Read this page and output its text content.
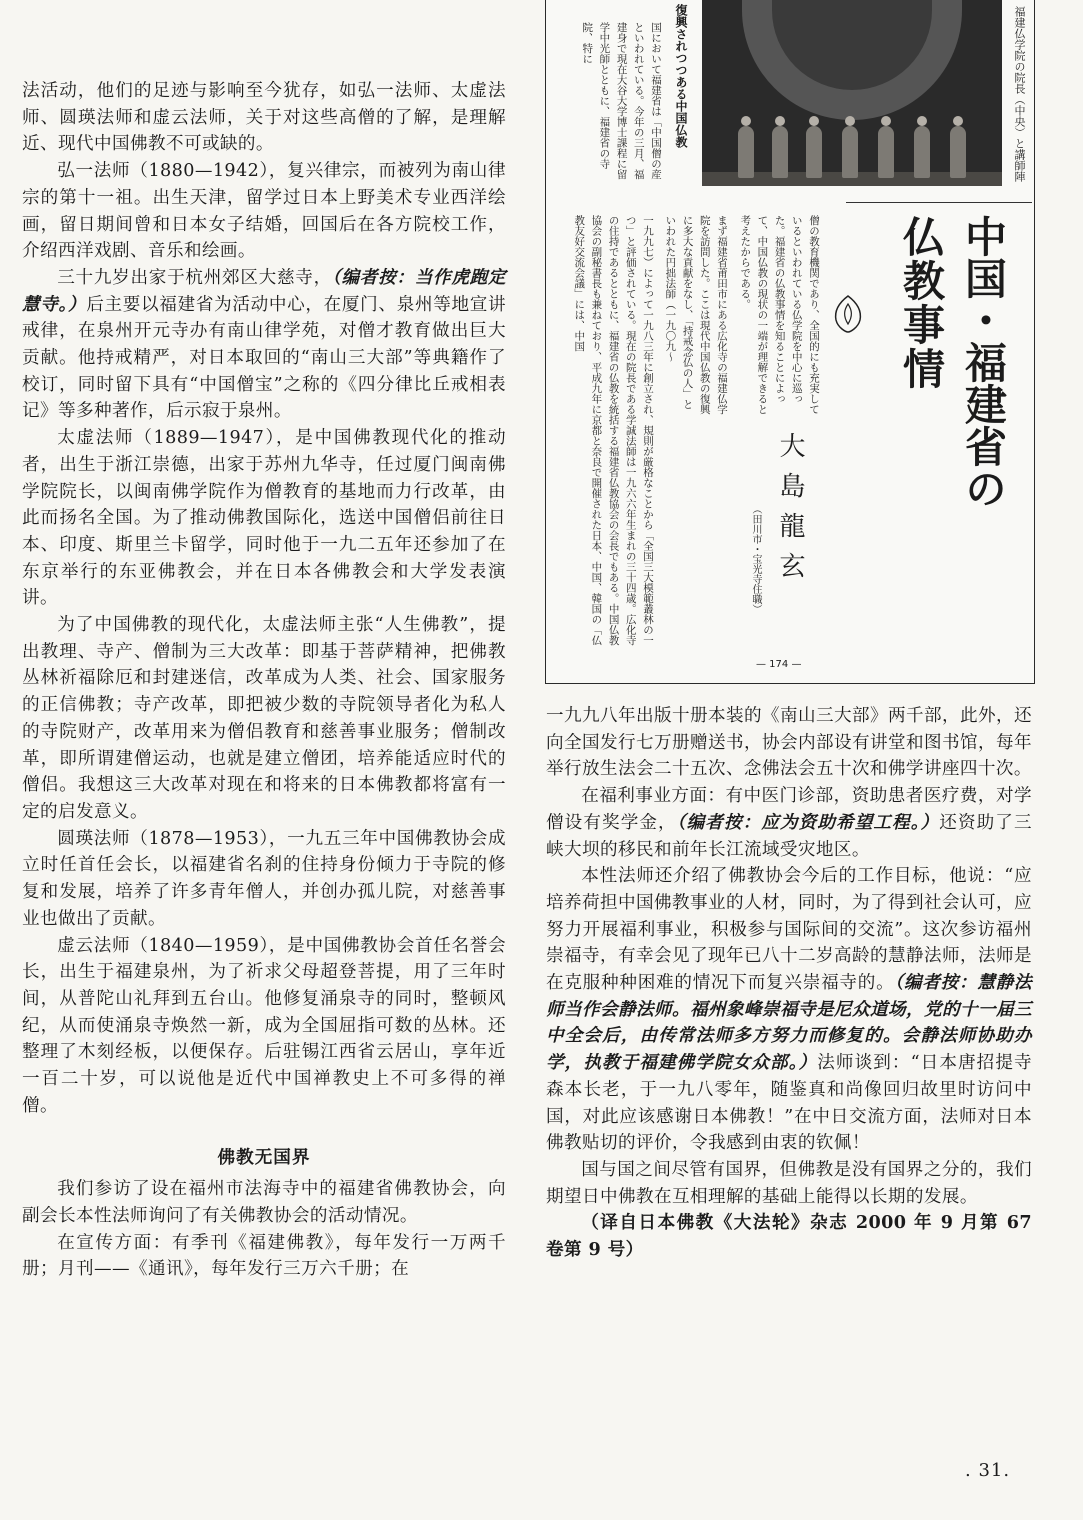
福建仏学院の院長（中央）と講師陣
復興されつつある中国仏教
国において福建省は「中国僧の産といわれている。今年の三月、福建身で現在大谷大学博士課程に留学中光師とともに、福建省の寺院、特に
一九九七）によって一九八三年に創立され、規則が厳格なことから「全国三大模範叢林の一つ」と評価されている。現在の院長である学誠法師は一九六六年生まれの三十四歳。広化寺の住持であるとともに、福建省の仏教を統括する福建省仏教協会の会長でもある。中国仏教協会の副秘書長も兼ねており、平成九年に京都と奈良で開催された日本、中国、韓国の「仏教友好交流会議」には、中国	まず福建省莆田市にある広化寺の福建仏学院を訪問した。ここは現代中国仏教の復興に多大な貢献をなし、「持戒念仏の人」といわれた円拙法師（一九〇九〜	僧の教育機関であり、全国的にも充実しているといわれている仏学院を中心に巡った。福建省の仏教事情を知ることによって、中国仏教の現状の一端が理解できると考えたからである。	中国・福建省の
仏教事情
大島龍玄
（田川市・宝光寺住職）
— 174 —

法活动，他们的足迹与影响至今犹存，如弘一法师、太虚法师、圆瑛法师和虚云法师，关于对这些高僧的了解，是理解近、现代中国佛教不可或缺的。

弘一法师（1880—1942），复兴律宗，而被列为南山律宗的第十一祖。出生天津，留学过日本上野美术专业西洋绘画，留日期间曾和日本女子结婚，回国后在各方院校工作，介绍西洋戏剧、音乐和绘画。

三十九岁出家于杭州郊区大慈寺，（编者按：当作虎跑定慧寺。）后主要以福建省为活动中心，在厦门、泉州等地宣讲戒律，在泉州开元寺办有南山律学苑，对僧才教育做出巨大贡献。他持戒精严，对日本取回的“南山三大部”等典籍作了校订，同时留下具有“中国僧宝”之称的《四分律比丘戒相表记》等多种著作，后示寂于泉州。

太虚法师（1889—1947），是中国佛教现代化的推动者，出生于浙江崇德，出家于苏州九华寺，任过厦门闽南佛学院院长，以闽南佛学院作为僧教育的基地而力行改革，由此而扬名全国。为了推动佛教国际化，选送中国僧侣前往日本、印度、斯里兰卡留学，同时他于一九二五年还参加了在东京举行的东亚佛教会，并在日本各佛教会和大学发表演讲。

为了中国佛教的现代化，太虚法师主张“人生佛教”，提出教理、寺产、僧制为三大改革：即基于菩萨精神，把佛教丛林祈福除厄和封建迷信，改革成为人类、社会、国家服务的正信佛教；寺产改革，即把被少数的寺院领导者化为私人的寺院财产，改革用来为僧侣教育和慈善事业服务；僧制改革，即所谓建僧运动，也就是建立僧团，培养能适应时代的僧侣。我想这三大改革对现在和将来的日本佛教都将富有一定的启发意义。

圆瑛法师（1878—1953），一九五三年中国佛教协会成立时任首任会长，以福建省名刹的住持身份倾力于寺院的修复和发展，培养了许多青年僧人，并创办孤儿院，对慈善事业也做出了贡献。

虚云法师（1840—1959），是中国佛教协会首任名誉会长，出生于福建泉州，为了祈求父母超登菩提，用了三年时间，从普陀山礼拜到五台山。他修复涌泉寺的同时，整顿风纪，从而使涌泉寺焕然一新，成为全国屈指可数的丛林。还整理了木刻经板，以便保存。后驻锡江西省云居山，享年近一百二十岁，可以说他是近代中国禅教史上不可多得的禅僧。

佛教无国界

我们参访了设在福州市法海寺中的福建省佛教协会，向副会长本性法师询问了有关佛教协会的活动情况。

在宣传方面：有季刊《福建佛教》，每年发行一万两千册；月刊——《通讯》，每年发行三万六千册；在

一九九八年出版十册本装的《南山三大部》两千部，此外，还向全国发行七万册赠送书，协会内部设有讲堂和图书馆，每年举行放生法会二十五次、念佛法会五十次和佛学讲座四十次。

在福利事业方面：有中医门诊部，资助患者医疗费，对学僧设有奖学金，（编者按：应为资助希望工程。）还资助了三峡大坝的移民和前年长江流域受灾地区。

本性法师还介绍了佛教协会今后的工作目标，他说：“应培养荷担中国佛教事业的人材，同时，为了得到社会认可，应努力开展福利事业，积极参与国际间的交流”。这次参访福州崇福寺，有幸会见了现年已八十二岁高龄的慧静法师，法师是在克服种种困难的情况下而复兴崇福寺的。（编者按：慧静法师当作会静法师。福州象峰崇福寺是尼众道场，党的十一届三中全会后，由传常法师多方努力而修复的。会静法师协助办学，执教于福建佛学院女众部。）法师谈到：“日本唐招提寺森本长老，于一九八零年，随鉴真和尚像回归故里时访问中国，对此应该感谢日本佛教！”在中日交流方面，法师对日本佛教贴切的评价，令我感到由衷的钦佩！

国与国之间尽管有国界，但佛教是没有国界之分的，我们期望日中佛教在互相理解的基础上能得以长期的发展。

（译自日本佛教《大法轮》杂志 2000 年 9 月第 67 卷第 9 号）

. 31.
